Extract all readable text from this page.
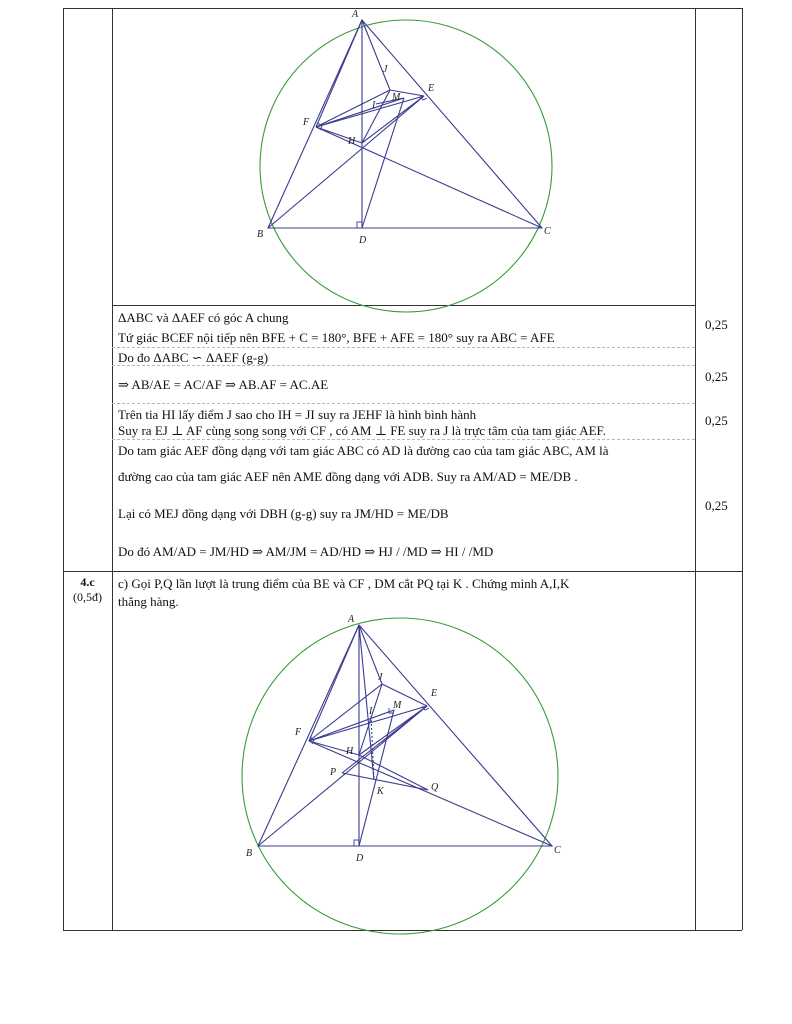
A
J
E
M
I
F
H
B
D
C
ΔABC và ΔAEF có góc A chung
Tứ giác BCEF nội tiếp nên BFE + C = 180°, BFE + AFE = 180° suy ra ABC = AFE
Do đo ΔABC ∽ ΔAEF (g-g)
⇒ AB/AE = AC/AF ⇒ AB.AF = AC.AE
Trên tia HI lấy điểm J sao cho IH = JI suy ra JEHF là hình bình hành
Suy ra EJ ⊥ AF cùng song song với CF , có AM ⊥ FE suy ra J là trực tâm của tam giác AEF.
Do tam giác AEF đồng dạng với tam giác ABC có AD là đường cao của tam giác ABC, AM là
đường cao của tam giác AEF nên AME đồng dạng với ADB. Suy ra AM/AD = ME/DB .
Lại có MEJ đồng dạng với DBH (g-g) suy ra JM/HD = ME/DB
Do đó AM/AD = JM/HD ⇒ AM/JM = AD/HD ⇒ HJ / /MD ⇒ HI / /MD
0,25
0,25
0,25
0,25
4.c
(0,5đ)
c) Gọi P,Q lần lượt là trung điểm của BE và CF , DM cắt PQ tại K . Chứng minh A,I,K
thẳng hàng.
A
J
E
M
I
F
H
P
Q
K
B	D
C
